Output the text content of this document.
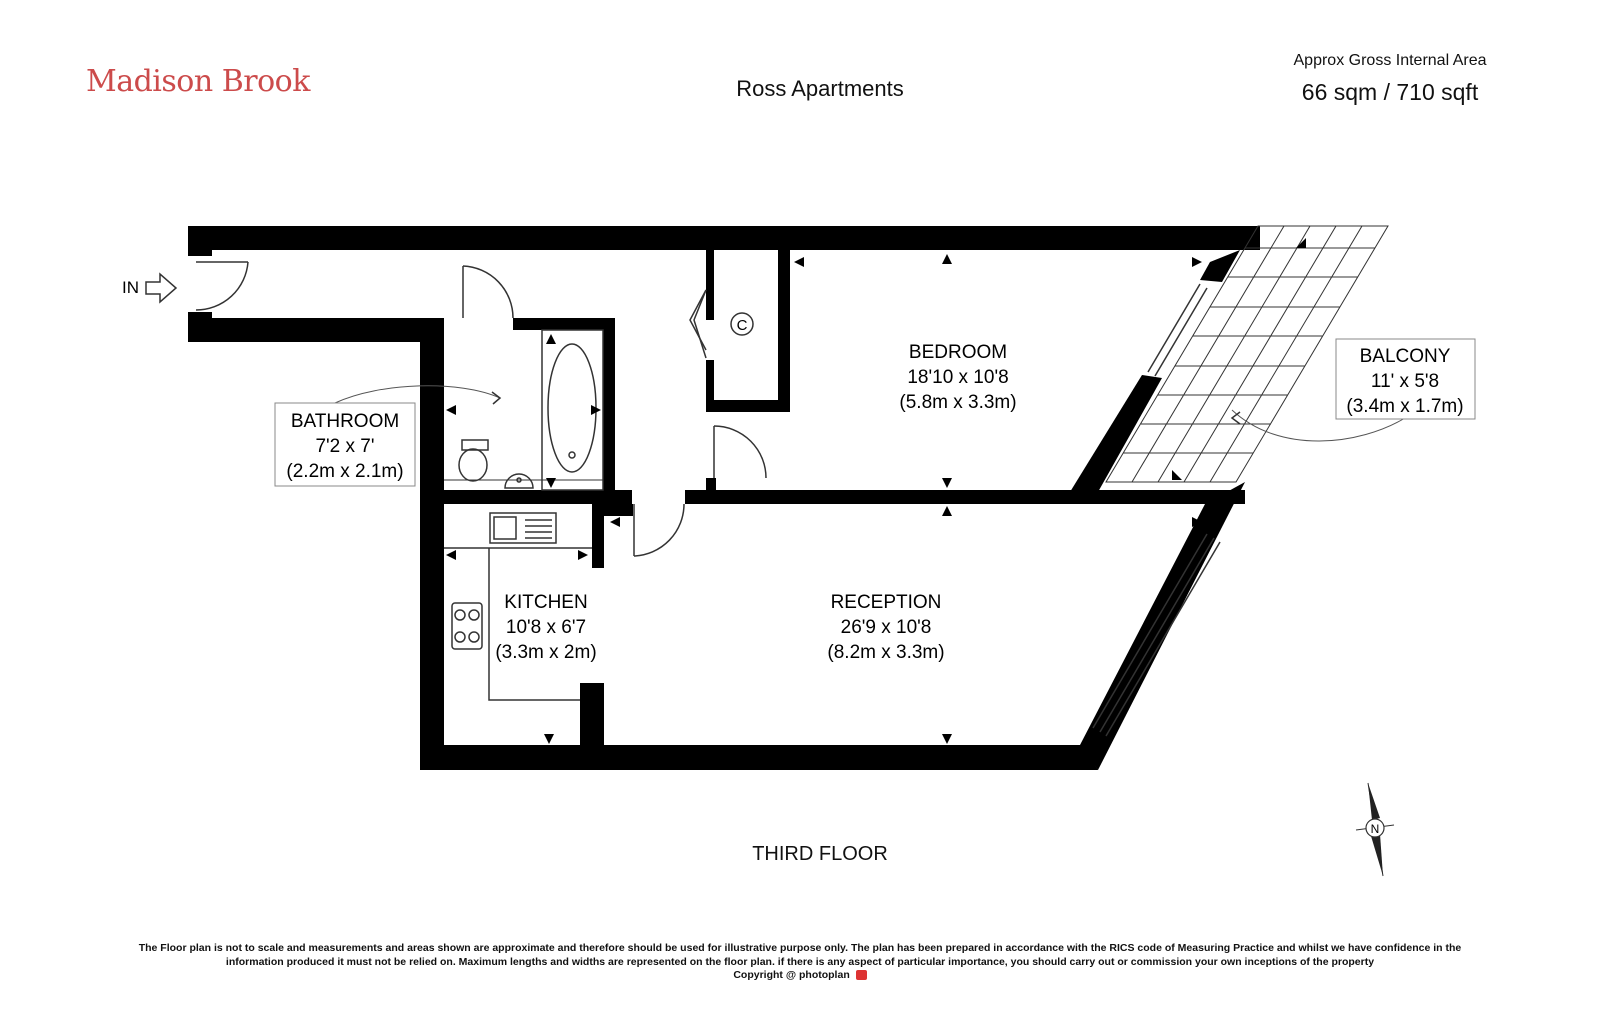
Madison Brook	Ross Apartments
Approx Gross Internal Area
66 sqm / 710 sqft
C
IN
BEDROOM
18'10 x 10'8
(5.8m x 3.3m)
RECEPTION
26'9 x 10'8
(8.2m x 3.3m)
KITCHEN
10'8 x 6'7
(3.3m x 2m)
BATHROOM
7'2 x 7'
(2.2m x 2.1m)
BALCONY
11' x 5'8
(3.4m x 1.7m)
N
THIRD FLOOR
The Floor plan is not to scale and measurements and areas shown are approximate and therefore should be used for illustrative purpose only. The plan has been prepared in accordance with the RICS code of Measuring Practice and whilst we have confidence in the information produced it must not be relied on. Maximum lengths and widths are represented on the floor plan. if there is any aspect of particular importance, you should carry out or commission your own inceptions of the property
Copyright @ photoplan
